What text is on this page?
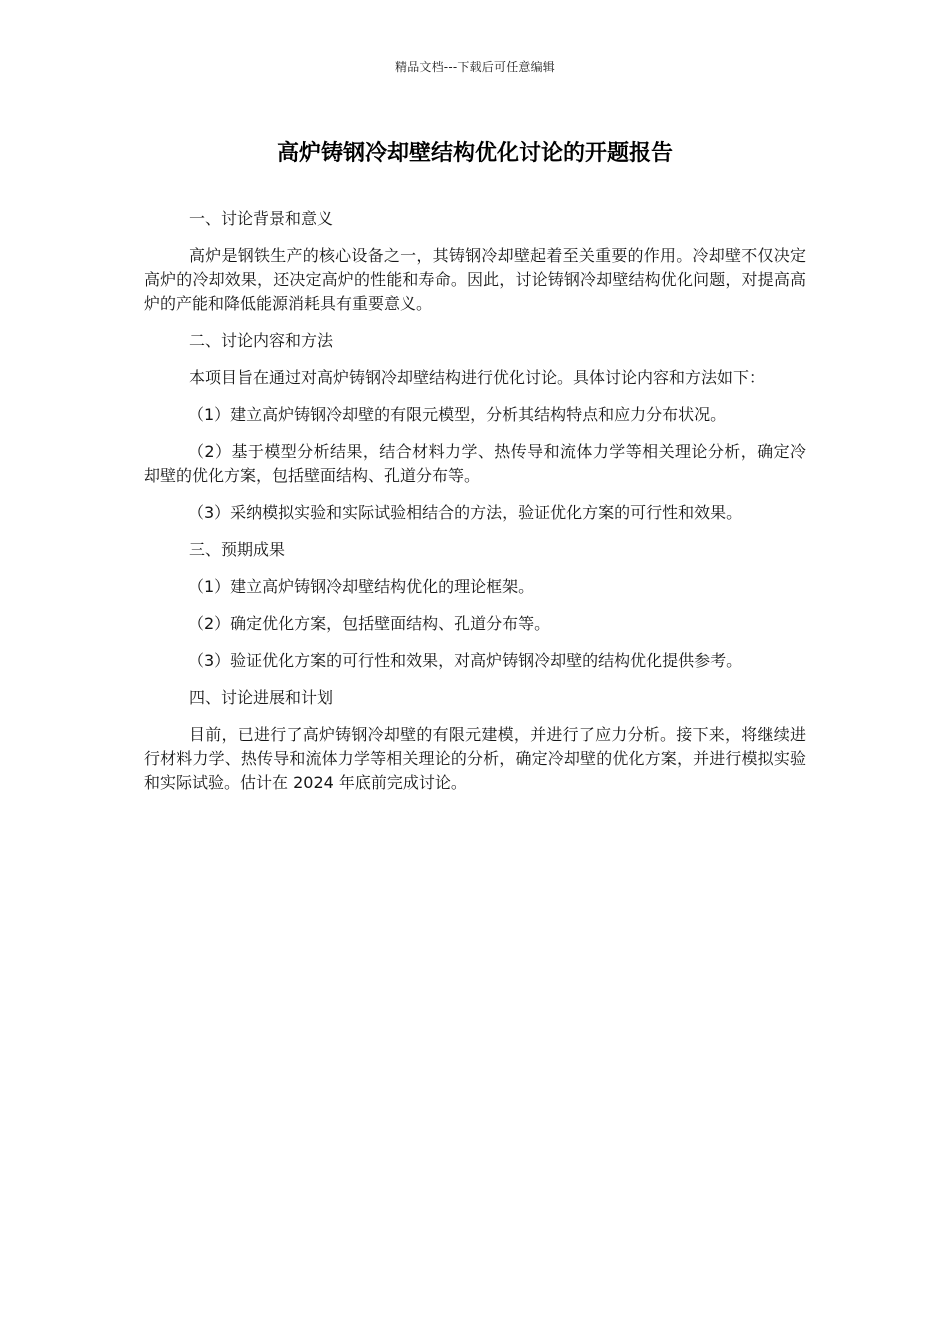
精品文档---下载后可任意编辑
高炉铸钢冷却壁结构优化讨论的开题报告

一、讨论背景和意义

高炉是钢铁生产的核心设备之一，其铸钢冷却壁起着至关重要的作用。冷却壁不仅决定高炉的冷却效果，还决定高炉的性能和寿命。因此，讨论铸钢冷却壁结构优化问题，对提高高炉的产能和降低能源消耗具有重要意义。

二、讨论内容和方法

本项目旨在通过对高炉铸钢冷却壁结构进行优化讨论。具体讨论内容和方法如下：

（1）建立高炉铸钢冷却壁的有限元模型，分析其结构特点和应力分布状况。

（2）基于模型分析结果，结合材料力学、热传导和流体力学等相关理论分析，确定冷却壁的优化方案，包括壁面结构、孔道分布等。

（3）采纳模拟实验和实际试验相结合的方法，验证优化方案的可行性和效果。

三、预期成果

（1）建立高炉铸钢冷却壁结构优化的理论框架。

（2）确定优化方案，包括壁面结构、孔道分布等。

（3）验证优化方案的可行性和效果，对高炉铸钢冷却壁的结构优化提供参考。

四、讨论进展和计划

目前，已进行了高炉铸钢冷却壁的有限元建模，并进行了应力分析。接下来，将继续进行材料力学、热传导和流体力学等相关理论的分析，确定冷却壁的优化方案，并进行模拟实验和实际试验。估计在 2024 年底前完成讨论。
